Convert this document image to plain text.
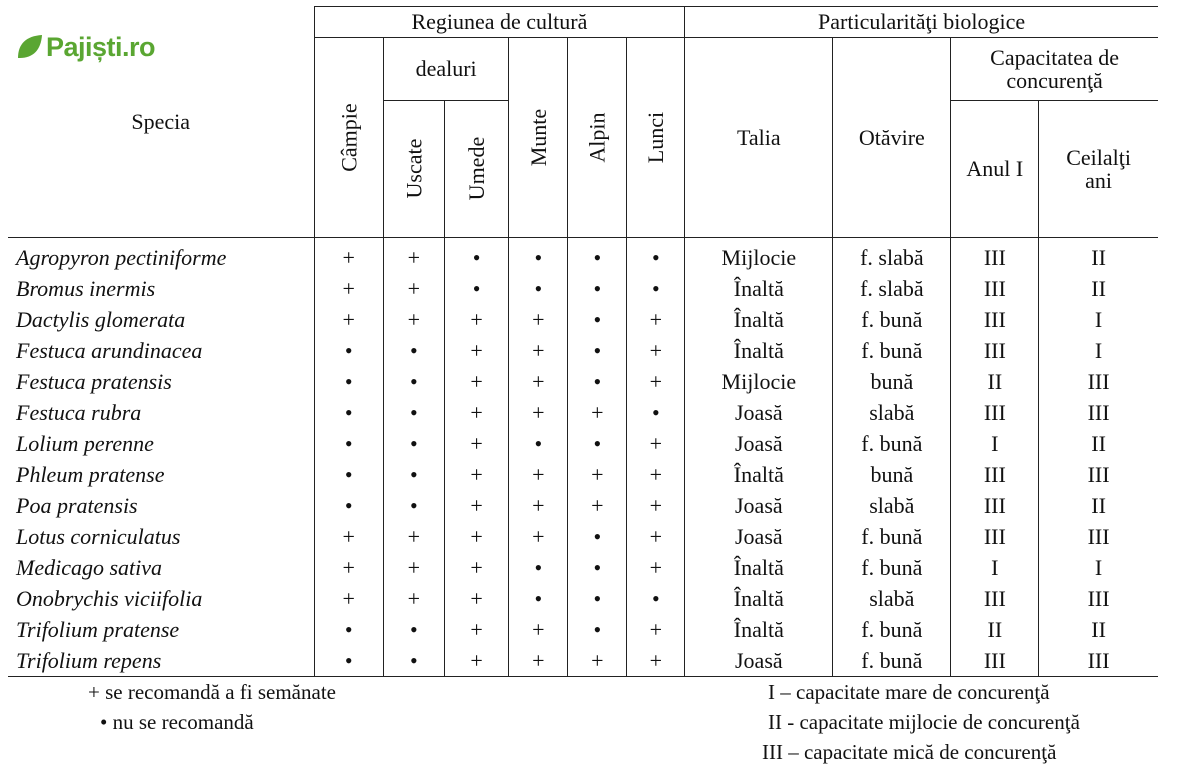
Pajiști.ro
Specia	Regiunea de cultură						Particularităţi biologice			
	Câmpie	dealuri		Munte	Alpin	Lunci	Talia	Otăvire	Capacitatea de concurenţă	
		Uscate	Umede						Anul I	Ceilalţi ani
Agropyron pectiniforme	+	+	•	•	•	•	Mijlocie	f. slabă	III	II
Bromus inermis	+	+	•	•	•	•	Înaltă	f. slabă	III	II
Dactylis glomerata	+	+	+	+	•	+	Înaltă	f. bună	III	I
Festuca arundinacea	•	•	+	+	•	+	Înaltă	f. bună	III	I
Festuca pratensis	•	•	+	+	•	+	Mijlocie	bună	II	III
Festuca rubra	•	•	+	+	+	•	Joasă	slabă	III	III
Lolium perenne	•	•	+	•	•	+	Joasă	f. bună	I	II
Phleum pratense	•	•	+	+	+	+	Înaltă	bună	III	III
Poa pratensis	•	•	+	+	+	+	Joasă	slabă	III	II
Lotus corniculatus	+	+	+	+	•	+	Joasă	f. bună	III	III
Medicago sativa	+	+	+	•	•	+	Înaltă	f. bună	I	I
Onobrychis viciifolia	+	+	+	•	•	•	Înaltă	slabă	III	III
Trifolium pratense	•	•	+	+	•	+	Înaltă	f. bună	II	II
Trifolium repens	•	•	+	+	+	+	Joasă	f. bună	III	III
+ se recomandă a fi semănate
• nu se recomandă
I – capacitate mare de concurenţă
II - capacitate mijlocie de concurenţă
III – capacitate mică de concurenţă
